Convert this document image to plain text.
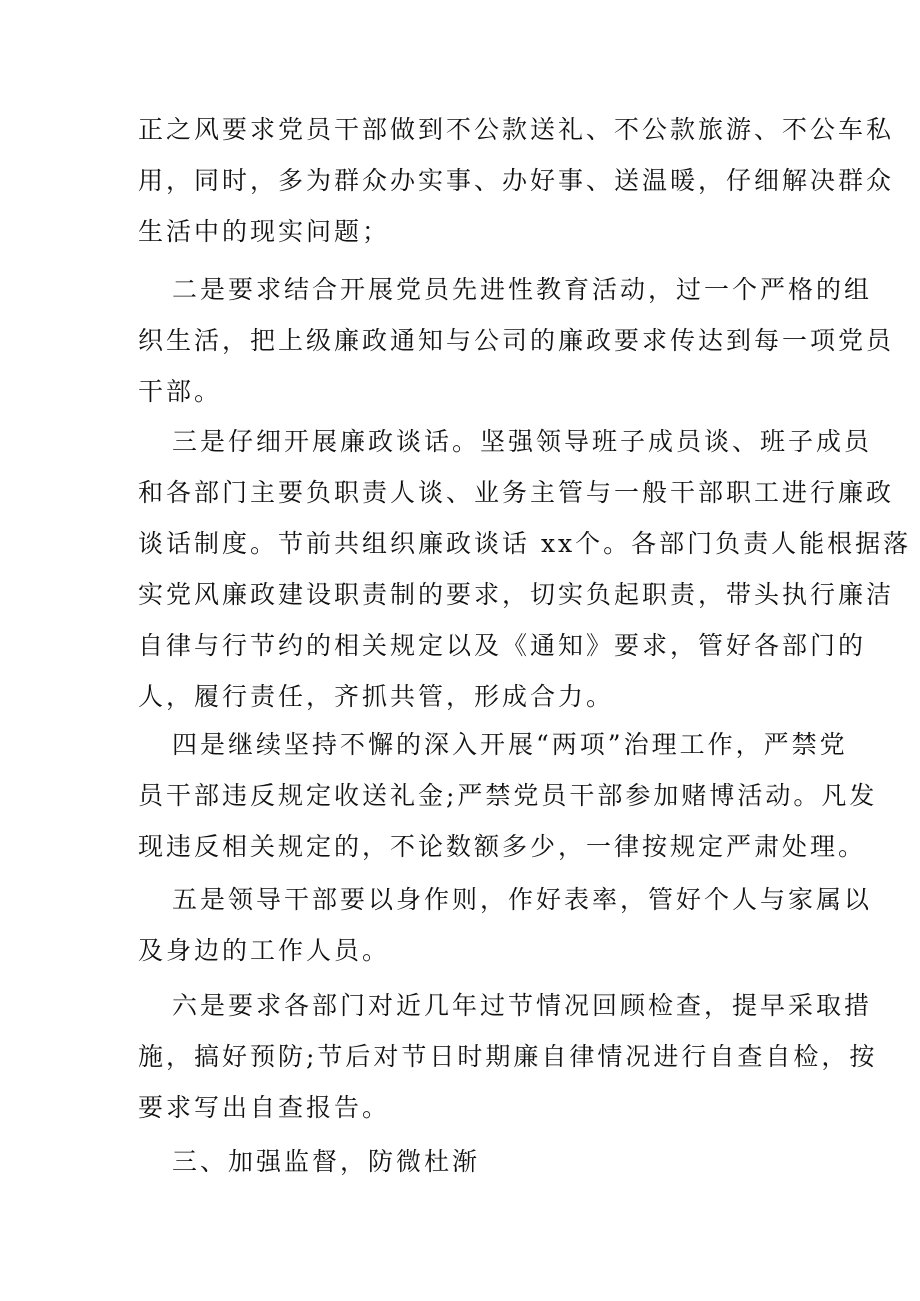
正之风要求党员干部做到不公款送礼、不公款旅游、不公车私
用，同时，多为群众办实事、办好事、送温暖，仔细解决群众
生活中的现实问题；
二是要求结合开展党员先进性教育活动，过一个严格的组
织生活，把上级廉政通知与公司的廉政要求传达到每一项党员
干部。
三是仔细开展廉政谈话。坚强领导班子成员谈、班子成员
和各部门主要负职责人谈、业务主管与一般干部职工进行廉政
谈话制度。节前共组织廉政谈话 xx个。各部门负责人能根据落
实党风廉政建设职责制的要求，切实负起职责，带头执行廉洁
自律与行节约的相关规定以及《通知》要求，管好各部门的
人，履行责任，齐抓共管，形成合力。
四是继续坚持不懈的深入开展“两项”治理工作，严禁党
员干部违反规定收送礼金;严禁党员干部参加赌博活动。凡发
现违反相关规定的，不论数额多少，一律按规定严肃处理。
五是领导干部要以身作则，作好表率，管好个人与家属以
及身边的工作人员。
六是要求各部门对近几年过节情况回顾检查，提早采取措
施，搞好预防;节后对节日时期廉自律情况进行自查自检，按
要求写出自查报告。
三、加强监督，防微杜渐
